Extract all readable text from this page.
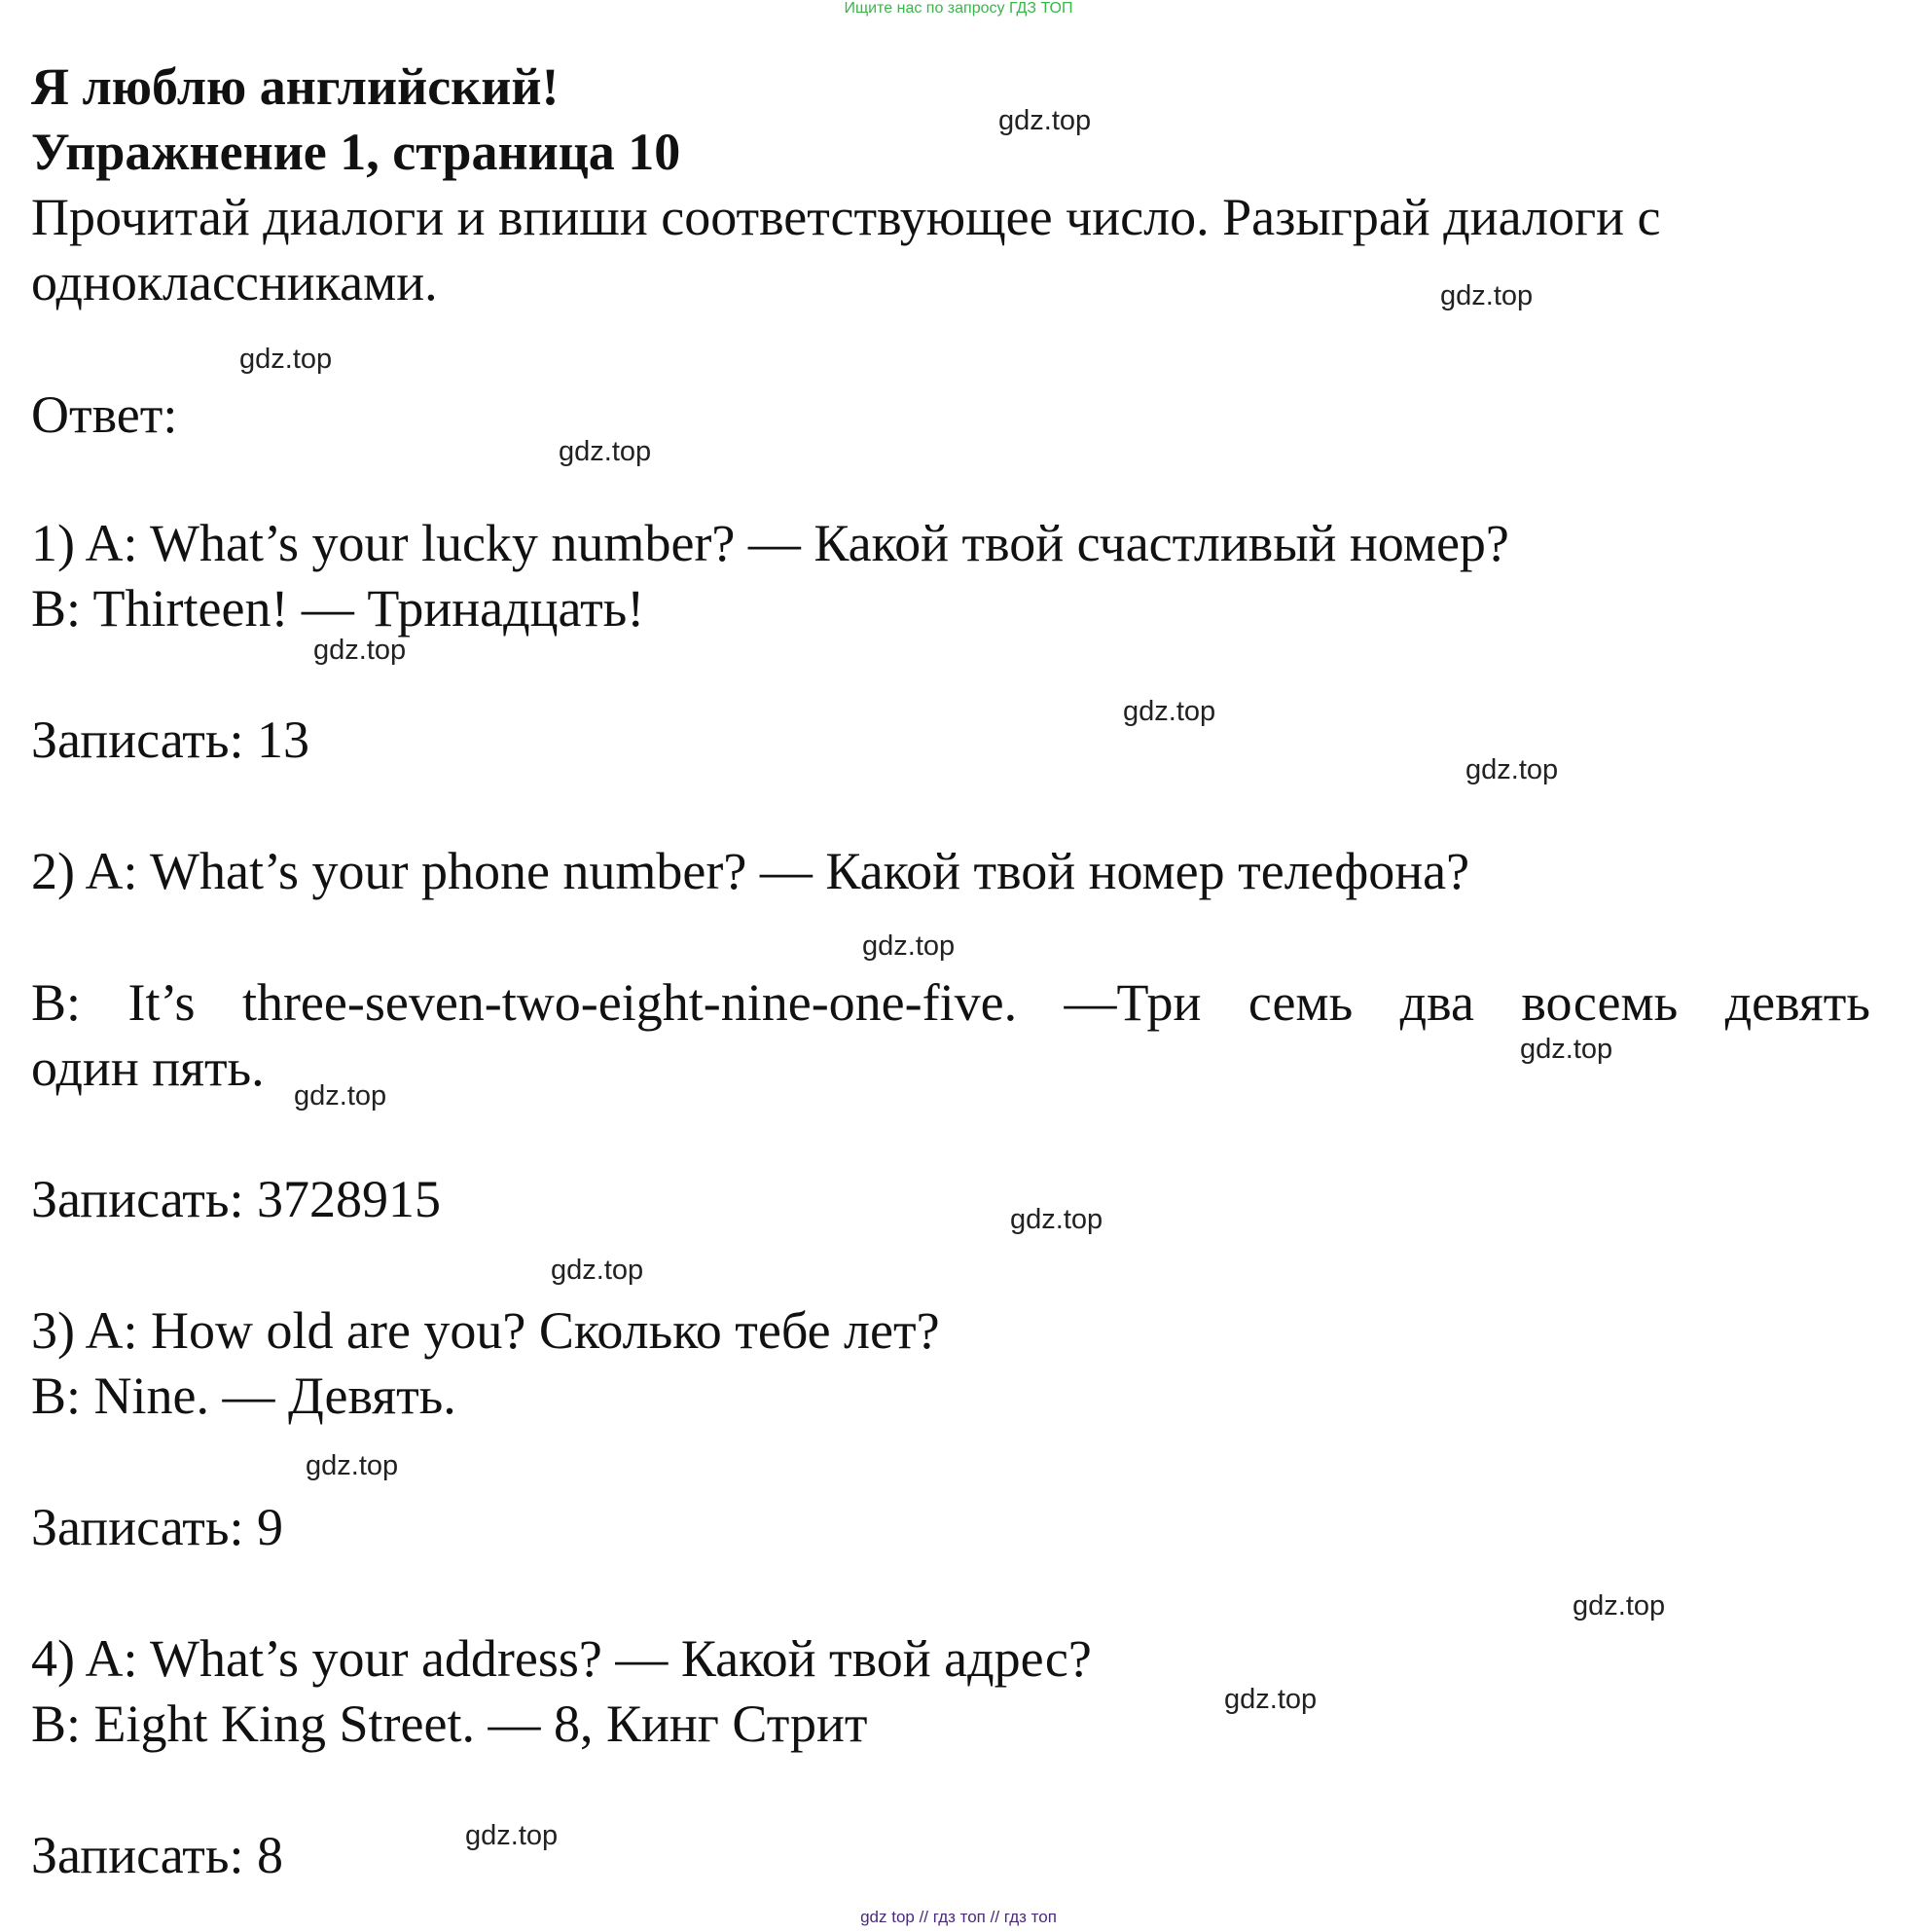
Ищите нас по запросу ГДЗ ТОП
Я люблю английский!
Упражнение 1, страница 10
Прочитай диалоги и впиши соответствующее число. Разыграй диалоги с
одноклассниками.
Ответ:
1) A: What’s your lucky number? — Какой твой счастливый номер?
B: Thirteen! — Тринадцать!
Записать: 13
2) A: What’s your phone number? — Какой твой номер телефона?
B: It’s three-seven-two-eight-nine-one-five. —Три семь два восемь девять
один пять.
Записать: 3728915
3) A: How old are you? Сколько тебе лет?
B: Nine. — Девять.
Записать: 9
4) A: What’s your address? — Какой твой адрес?
B: Eight King Street. — 8, Кинг Стрит
Записать: 8
gdz.top
gdz.top
gdz.top
gdz.top
gdz.top
gdz.top
gdz.top
gdz.top
gdz.top
gdz.top
gdz.top
gdz.top
gdz.top
gdz.top
gdz.top
gdz.top
gdz top // гдз топ // гдз топ
